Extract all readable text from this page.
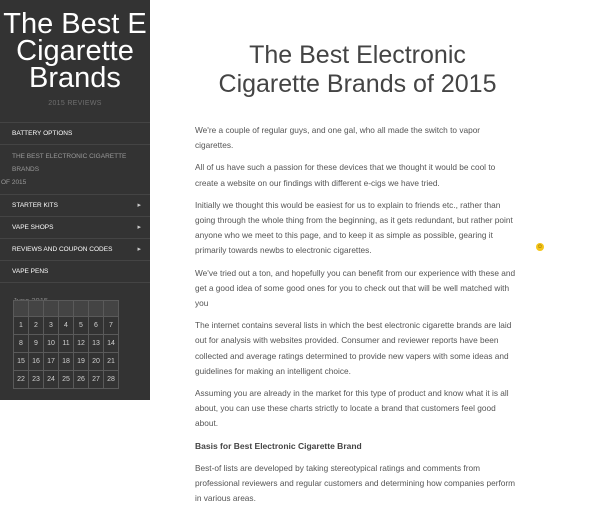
The Best E Cigarette Brands
2015 REVIEWS
BATTERY OPTIONS
THE BEST ELECTRONIC CIGARETTE BRANDS
OF 2015
STARTER KITS	▸
VAPE SHOPS	▸
REVIEWS AND COUPON CODES	▸
VAPE PENS

1	2	3	4	5	6	7
8	9	10	11	12	13	14
15	16	17	18	19	20	21
22	23	24	25	26	27	28
The Best Electronic Cigarette Brands of 2015

We're a couple of regular guys, and one gal, who all made the switch to vapor cigarettes.

All of us have such a passion for these devices that we thought it would be cool to create a website on our findings with different e-cigs we have tried.

Initially we thought this would be easiest for us to explain to friends etc., rather than going through the whole thing from the beginning, as it gets redundant, but rather point anyone who we meet to this page, and to keep it as simple as possible, gearing it primarily towards newbs to electronic cigarettes.

We've tried out a ton, and hopefully you can benefit from our experience with these and get a good idea of some good ones for you to check out that will be well matched with you

The internet contains several lists in which the best electronic cigarette brands are laid out for analysis with websites provided. Consumer and reviewer reports have been collected and average ratings determined to provide new vapers with some ideas and guidelines for making an intelligent choice.

Assuming you are already in the market for this type of product and know what it is all about, you can use these charts strictly to locate a brand that customers feel good about.

Basis for Best Electronic Cigarette Brand

Best-of lists are developed by taking stereotypical ratings and comments from professional reviewers and regular customers and determining how companies perform in various areas.

☺
